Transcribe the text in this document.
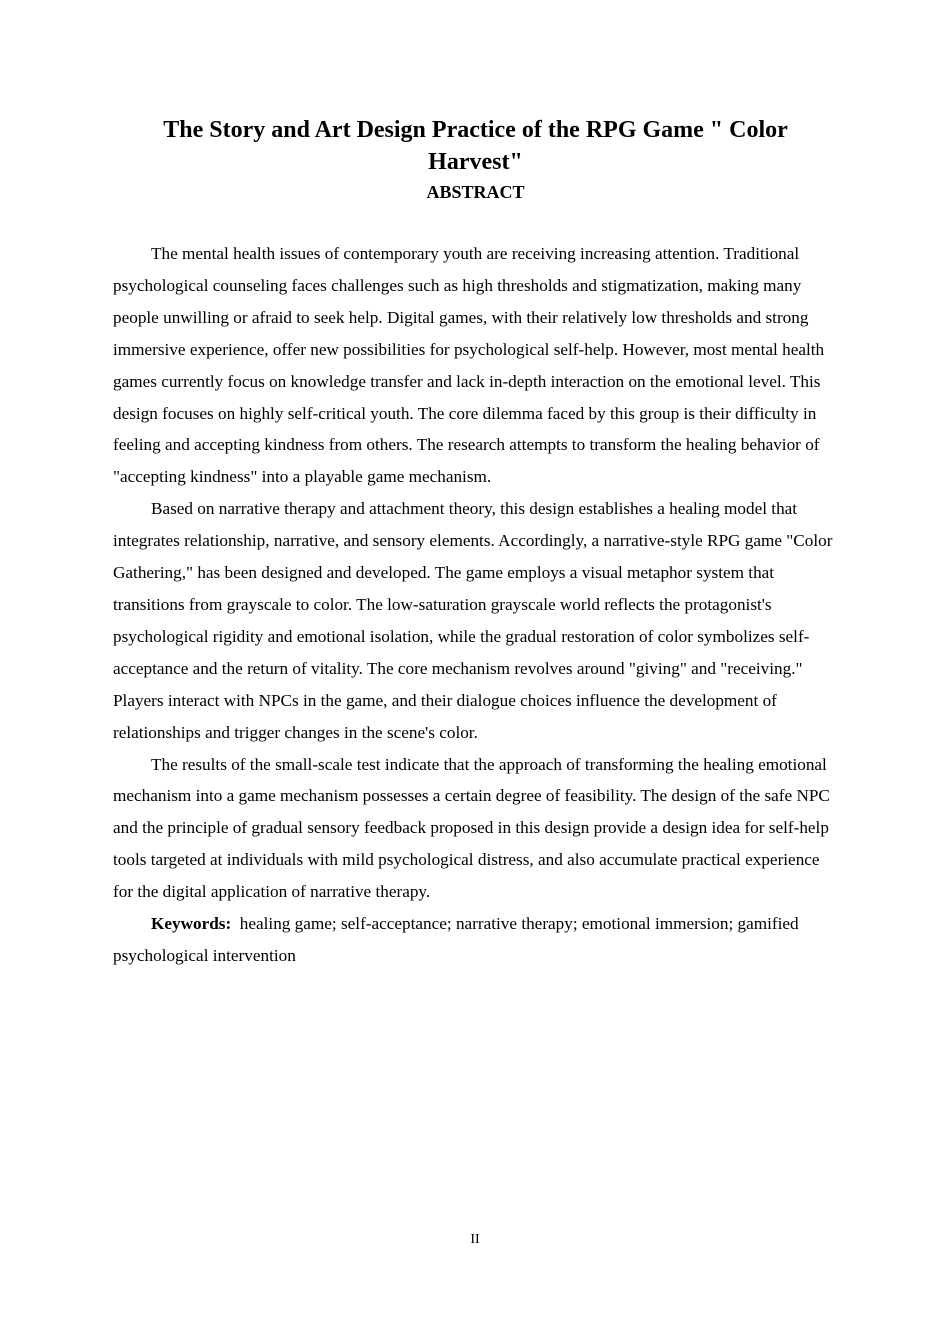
The Story and Art Design Practice of the RPG Game " Color Harvest"
ABSTRACT

The mental health issues of contemporary youth are receiving increasing attention. Traditional psychological counseling faces challenges such as high thresholds and stigmatization, making many people unwilling or afraid to seek help. Digital games, with their relatively low thresholds and strong immersive experience, offer new possibilities for psychological self-help. However, most mental health games currently focus on knowledge transfer and lack in-depth interaction on the emotional level. This design focuses on highly self-critical youth. The core dilemma faced by this group is their difficulty in feeling and accepting kindness from others. The research attempts to transform the healing behavior of "accepting kindness" into a playable game mechanism.

Based on narrative therapy and attachment theory, this design establishes a healing model that integrates relationship, narrative, and sensory elements. Accordingly, a narrative-style RPG game "Color Gathering," has been designed and developed. The game employs a visual metaphor system that transitions from grayscale to color. The low-saturation grayscale world reflects the protagonist's psychological rigidity and emotional isolation, while the gradual restoration of color symbolizes self-acceptance and the return of vitality. The core mechanism revolves around "giving" and "receiving." Players interact with NPCs in the game, and their dialogue choices influence the development of relationships and trigger changes in the scene's color.

The results of the small-scale test indicate that the approach of transforming the healing emotional mechanism into a game mechanism possesses a certain degree of feasibility. The design of the safe NPC and the principle of gradual sensory feedback proposed in this design provide a design idea for self-help tools targeted at individuals with mild psychological distress, and also accumulate practical experience for the digital application of narrative therapy.

Keywords: healing game; self-acceptance; narrative therapy; emotional immersion; gamified psychological intervention

II
